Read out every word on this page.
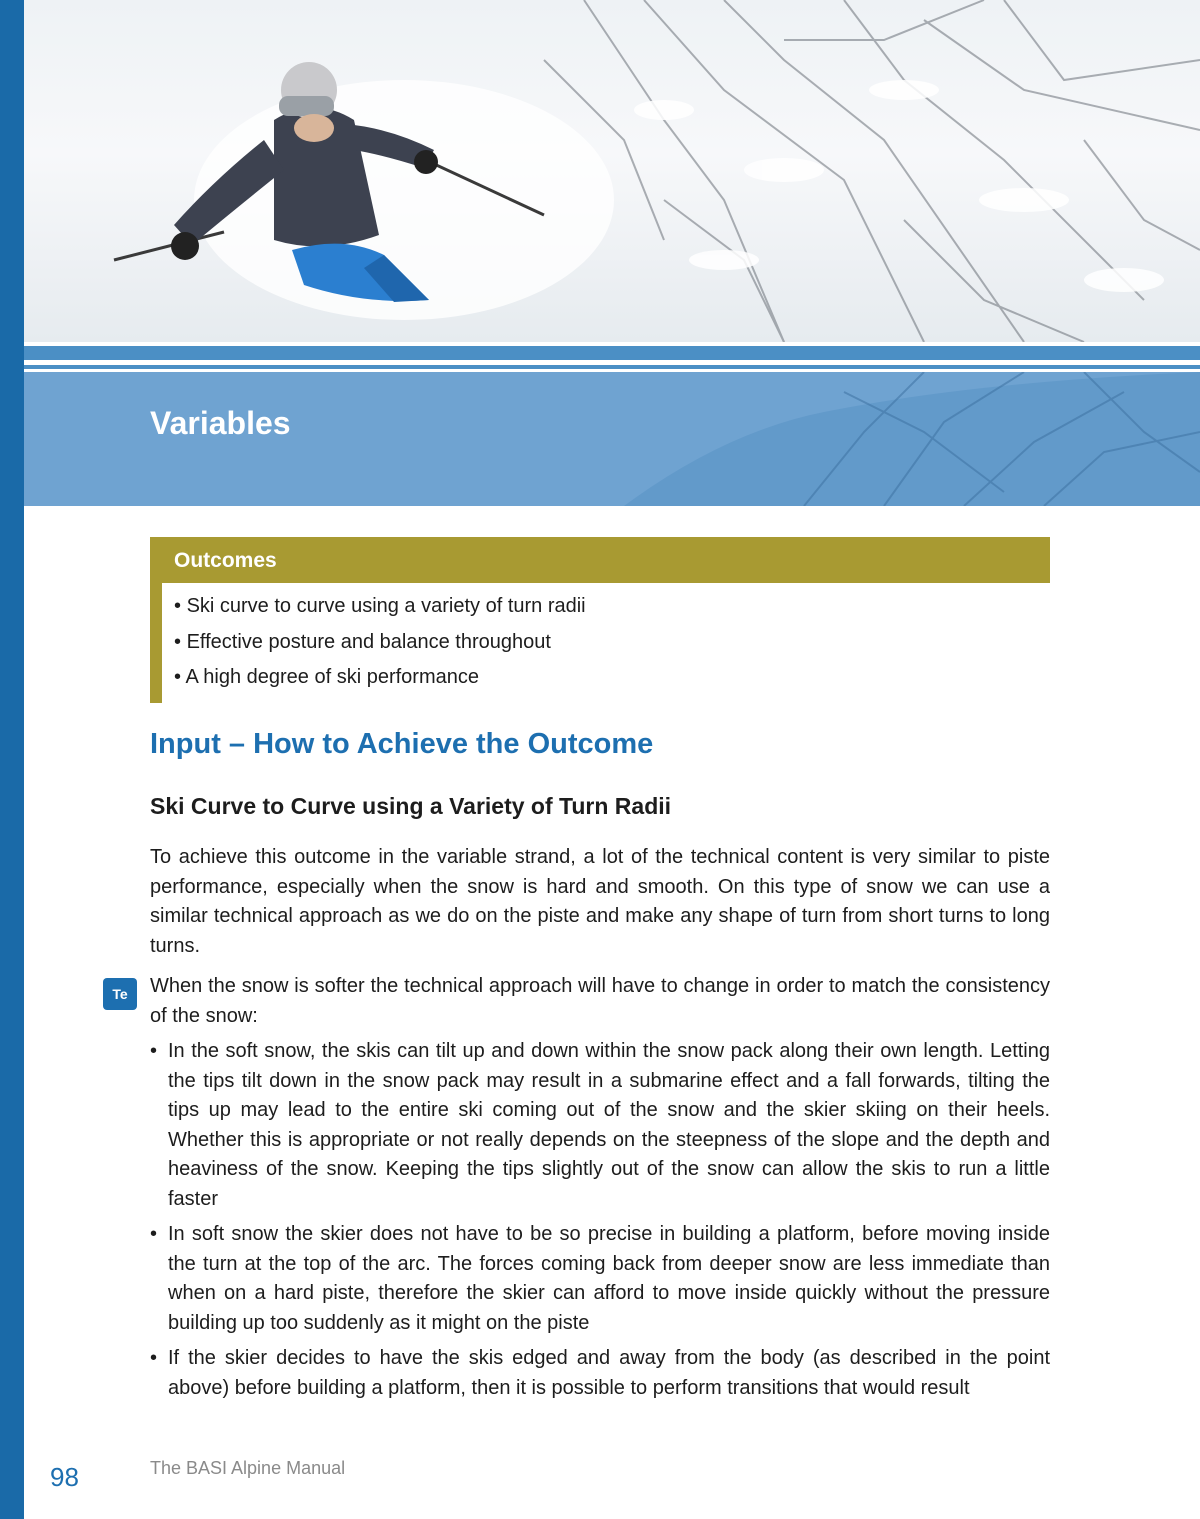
Variables
Outcomes
• Ski curve to curve using a variety of turn radii
• Effective posture and balance throughout
• A high degree of ski performance
Input – How to Achieve the Outcome
Ski Curve to Curve using a Variety of Turn Radii

To achieve this outcome in the variable strand, a lot of the technical content is very similar to piste performance, especially when the snow is hard and smooth. On this type of snow we can use a similar technical approach as we do on the piste and make any shape of turn from short turns to long turns.

Te	When the snow is softer the technical approach will have to change in order to match the consistency of the snow:

• In the soft snow, the skis can tilt up and down within the snow pack along their own length. Letting the tips tilt down in the snow pack may result in a submarine effect and a fall forwards, tilting the tips up may lead to the entire ski coming out of the snow and the skier skiing on their heels. Whether this is appropriate or not really depends on the steepness of the slope and the depth and heaviness of the snow. Keeping the tips slightly out of the snow can allow the skis to run a little faster
• In soft snow the skier does not have to be so precise in building a platform, before moving inside the turn at the top of the arc. The forces coming back from deeper snow are less immediate than when on a hard piste, therefore the skier can afford to move inside quickly without the pressure building up too suddenly as it might on the piste
• If the skier decides to have the skis edged and away from the body (as described in the point above) before building a platform, then it is possible to perform transitions that would result
98	The BASI Alpine Manual
